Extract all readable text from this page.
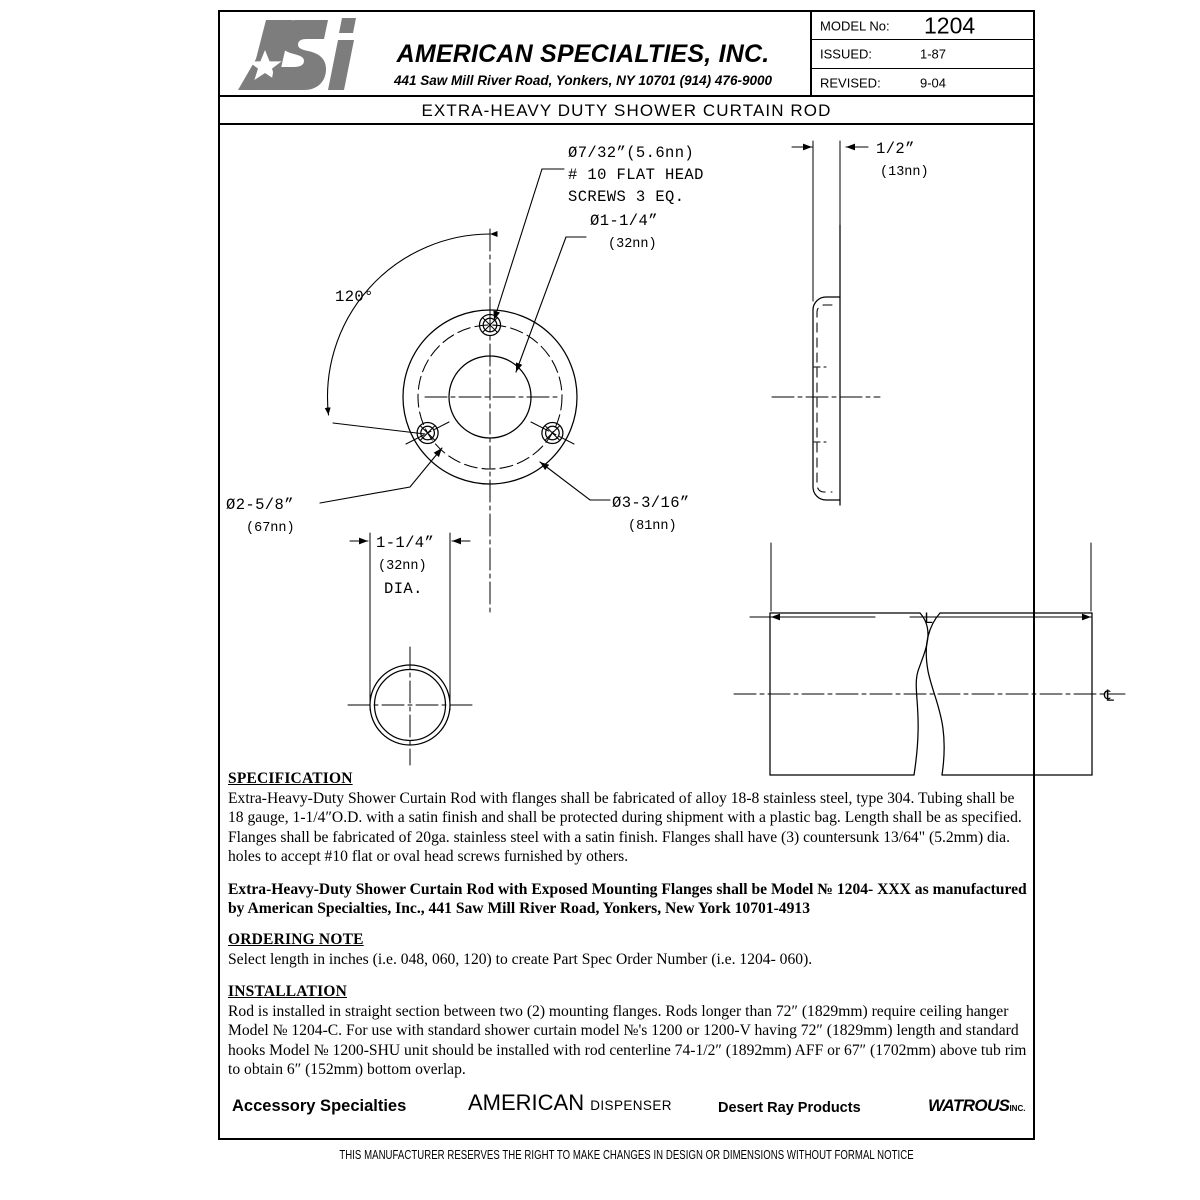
AMERICAN SPECIALTIES, INC.
441 Saw Mill River Road, Yonkers, NY 10701 (914) 476-9000
MODEL No: 1204
ISSUED:	1-87
REVISED:	9-04
EXTRA-HEAVY DUTY SHOWER CURTAIN ROD
Ø7/32”(5.6nn)
# 10 FLAT HEAD
SCREWS 3 EQ.
Ø1-1/4”
(32nn)
Ø2-5/8”
(67nn)
Ø3-3/16”
(81nn)
120°
1/2”
(13nn)
1-1/4”
(32nn)
DIA.
L
℄
SPECIFICATION

Extra-Heavy-Duty Shower Curtain Rod with flanges shall be fabricated of alloy 18-8 stainless steel, type 304. Tubing shall be 18 gauge, 1-1/4″O.D. with a satin finish and shall be protected during shipment with a plastic bag. Length shall be as specified. Flanges shall be fabricated of 20ga. stainless steel with a satin finish. Flanges shall have (3) countersunk 13/64" (5.2mm) dia. holes to accept #10 flat or oval head screws furnished by others.

Extra-Heavy-Duty Shower Curtain Rod with Exposed Mounting Flanges shall be Model № 1204- XXX as manufactured by American Specialties, Inc., 441 Saw Mill River Road, Yonkers, New York 10701-4913

ORDERING NOTE

Select length in inches (i.e. 048, 060, 120) to create Part Spec Order Number (i.e. 1204- 060).

INSTALLATION

Rod is installed in straight section between two (2) mounting flanges. Rods longer than 72″ (1829mm) require ceiling hanger Model № 1204-C. For use with standard shower curtain model №'s 1200 or 1200-V having 72″ (1829mm) length and standard hooks Model № 1200-SHU unit should be installed with rod centerline 74-1/2″ (1892mm) AFF or 67″ (1702mm) above tub rim to obtain 6″ (152mm) bottom overlap.

Accessory Specialties	AMERICAN DISPENSER	Desert Ray Products	WATROUSINC.
THIS MANUFACTURER RESERVES THE RIGHT TO MAKE CHANGES IN DESIGN OR DIMENSIONS WITHOUT FORMAL NOTICE
